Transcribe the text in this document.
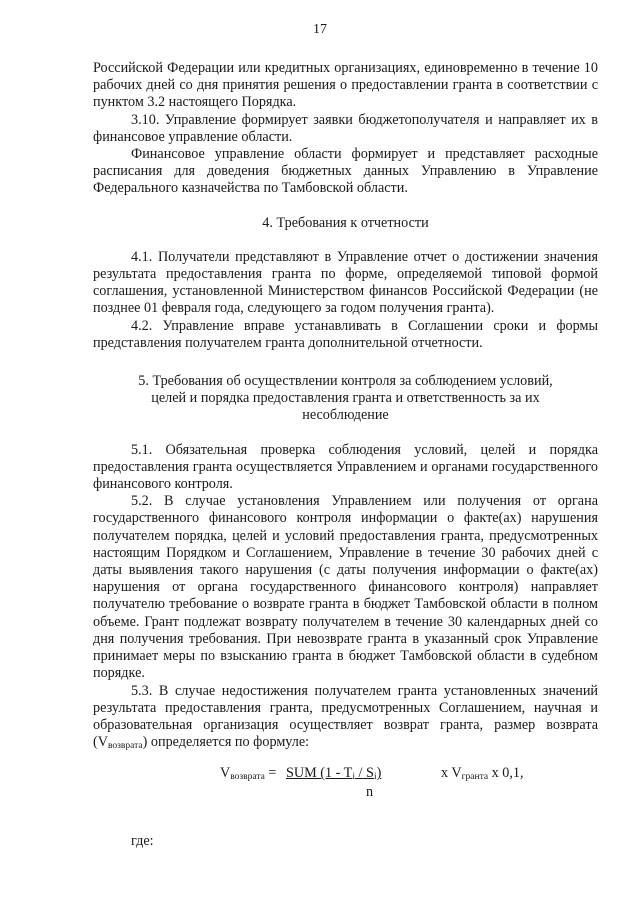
17

Российской Федерации или кредитных организациях, единовременно в течение 10 рабочих дней со дня принятия решения о предоставлении гранта в соответствии с пунктом 3.2 настоящего Порядка.

3.10. Управление формирует заявки бюджетополучателя и направляет их в финансовое управление области.

Финансовое управление области формирует и представляет расходные расписания для доведения бюджетных данных Управлению в Управление Федерального казначейства по Тамбовской области.

4. Требования к отчетности

4.1. Получатели представляют в Управление отчет о достижении значения результата предоставления гранта по форме, определяемой типовой формой соглашения, установленной Министерством финансов Российской Федерации (не позднее 01 февраля года, следующего за годом получения гранта).

4.2. Управление вправе устанавливать в Соглашении сроки и формы представления получателем гранта дополнительной отчетности.

5. Требования об осуществлении контроля за соблюдением условий,
целей и порядка предоставления гранта и ответственность за их
несоблюдение

5.1. Обязательная проверка соблюдения условий, целей и порядка предоставления гранта осуществляется Управлением и органами государственного финансового контроля.

5.2. В случае установления Управлением или получения от органа государственного финансового контроля информации о факте(ах) нарушения получателем порядка, целей и условий предоставления гранта, предусмотренных настоящим Порядком и Соглашением, Управление в течение 30 рабочих дней с даты выявления такого нарушения (с даты получения информации о факте(ах) нарушения от органа государственного финансового контроля) направляет получателю требование о возврате гранта в бюджет Тамбовской области в полном объеме. Грант подлежат возврату получателем в течение 30 календарных дней со дня получения требования. При невозврате гранта в указанный срок Управление принимает меры по взысканию гранта в бюджет Тамбовской области в судебном порядке.

5.3. В случае недостижения получателем гранта установленных значений результата предоставления гранта, предусмотренных Соглашением, научная и образовательная организация осуществляет возврат гранта, размер возврата $(V_{возврата})$ определяется по формуле:

$V_{возврата}$ = SUM $(1 - T_i / S_i)$	x $V_{гранта}$ x 0,1,
n

где:
